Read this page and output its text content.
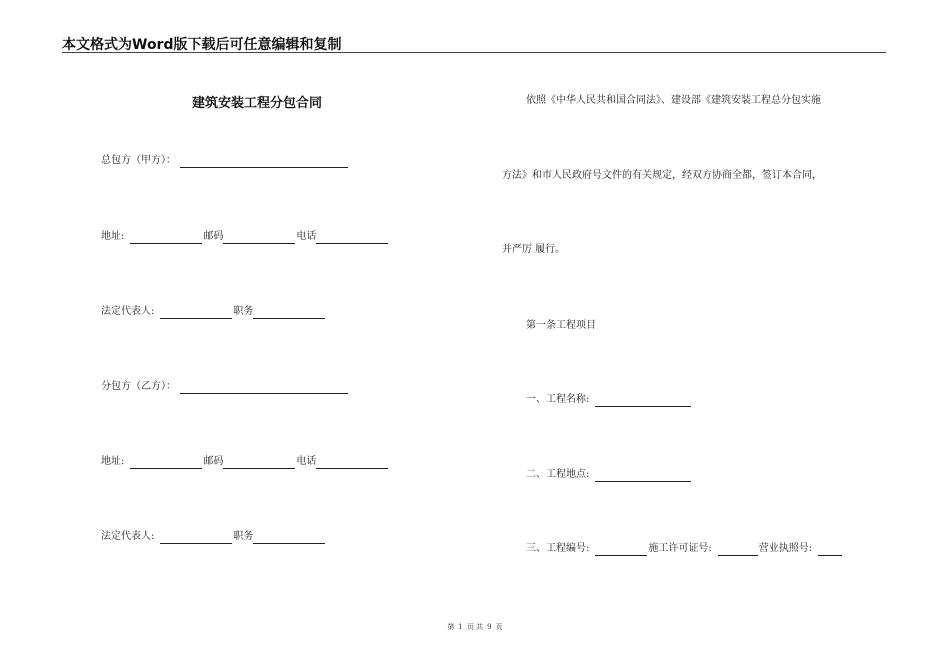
本文格式为Word版下载后可任意编辑和复制
建筑安装工程分包合同
总包方（甲方）：
地址:	邮码	电话
法定代表人:	职务
分包方（乙方）：
地址:	邮码	电话
法定代表人:	职务
依照《中华人民共和国合同法》、建设部《建筑安装工程总分包实施
方法》和市人民政府号文件的有关规定，经双方协商全都，签订本合同，
并严厉 履行。
第一条工程项目
一、工程名称:
二、工程地点:
三、工程编号:	施工许可证号:	营业执照号:
第 1 页 共 9 页
